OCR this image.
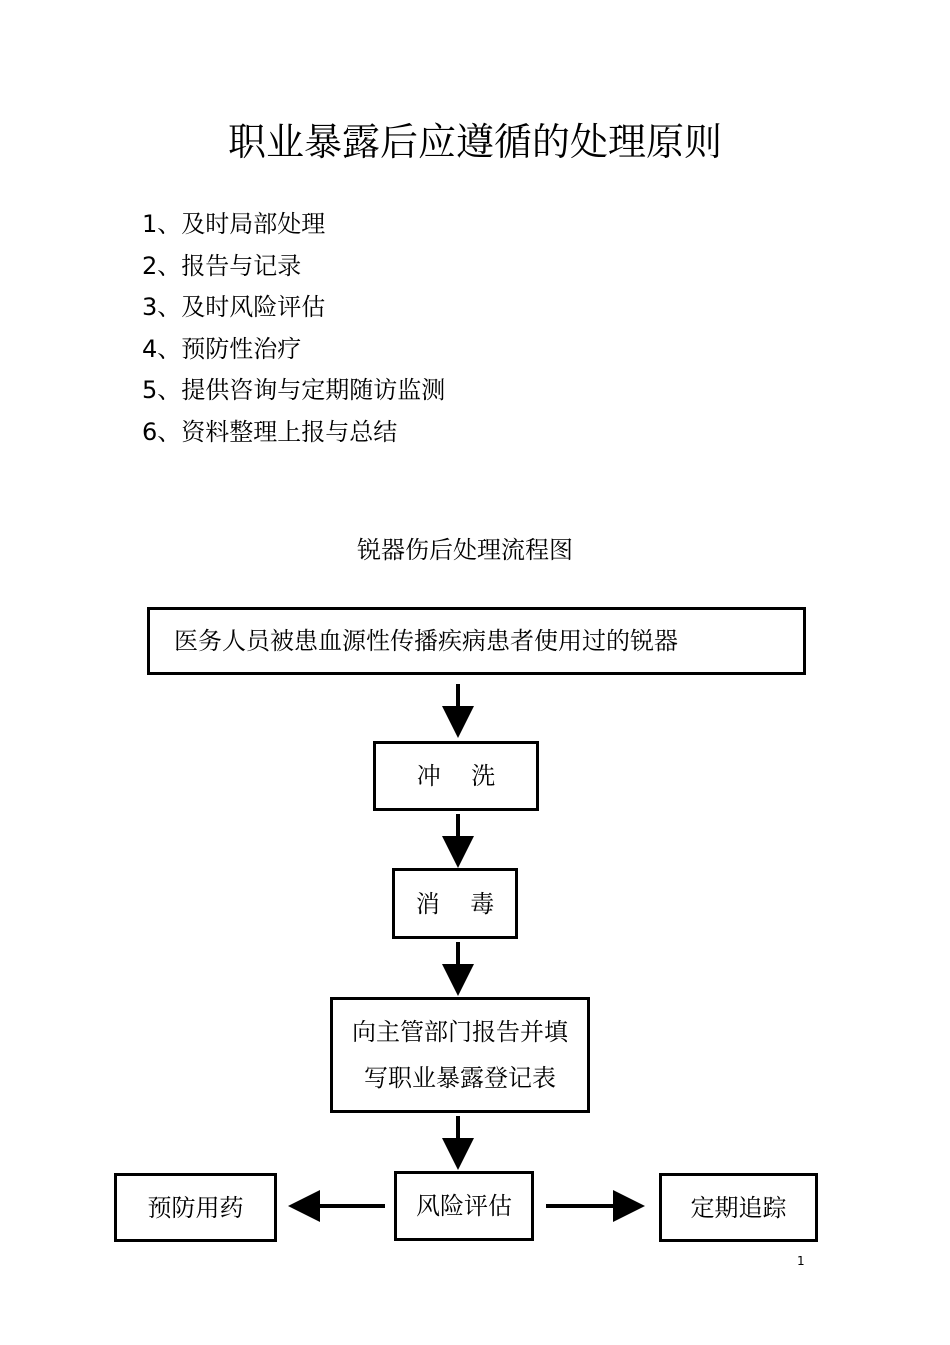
职业暴露后应遵循的处理原则
1、及时局部处理
2、报告与记录
3、及时风险评估
4、预防性治疗
5、提供咨询与定期随访监测
6、资料整理上报与总结
锐器伤后处理流程图
医务人员被患血源性传播疾病患者使用过的锐器
冲    洗
消    毒
向主管部门报告并填
写职业暴露登记表
风险评估
预防用药	定期追踪
1
